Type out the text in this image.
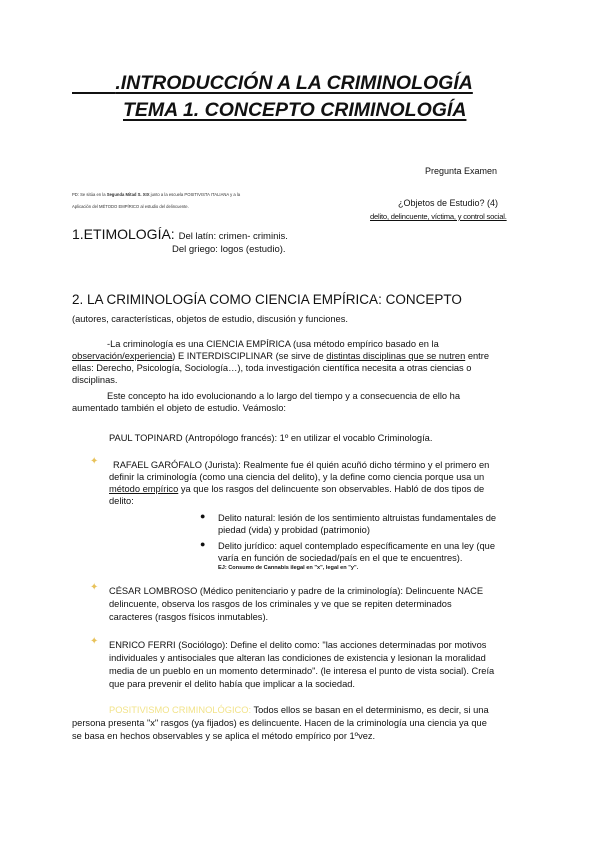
.INTRODUCCIÓN A LA CRIMINOLOGÍA
TEMA 1. CONCEPTO CRIMINOLOGÍA
Pregunta Examen
¿Objetos de Estudio? (4)
delito, delincuente, víctima, y control social.
PD: Se sitúa en la Segunda Mitad S. XIX junto a la escuela POSITIVISTA ITALIANA y a la
Aplicación del MÉTODO EMPÍRICO al estudio del delincuente.
1.ETIMOLOGÍA: Del latín: crimen- criminis.
Del griego: logos (estudio).
2. LA CRIMINOLOGÍA COMO CIENCIA EMPÍRICA: CONCEPTO
(autores, características, objetos de estudio, discusión y funciones.
-La criminología es una CIENCIA EMPÍRICA (usa método empírico basado en la
observación/experiencia) E INTERDISCIPLINAR (se sirve de distintas disciplinas que se nutren entre
ellas: Derecho, Psicología, Sociología…), toda investigación científica necesita a otras ciencias o
disciplinas.
Este concepto ha ido evolucionando a lo largo del tiempo y a consecuencia de ello ha
aumentado también el objeto de estudio. Veámoslo:
PAUL TOPINARD (Antropólogo francés): 1º en utilizar el vocablo Criminología.
✦ RAFAEL GARÓFALO (Jurista): Realmente fue él quién acuñó dicho término y el primero en
definir la criminología (como una ciencia del delito), y la define como ciencia porque usa un
método empírico ya que los rasgos del delincuente son observables. Habló de dos tipos de
delito:
● Delito natural: lesión de los sentimiento altruistas fundamentales de
piedad (vida) y probidad (patrimonio)
● Delito jurídico: aquel contemplado específicamente en una ley (que
varía en función de sociedad/país en el que te encuentres).
EJ: Consumo de Cannabis ilegal en "x", legal en "y".
✦ CÉSAR LOMBROSO (Médico penitenciario y padre de la criminología): Delincuente NACE
delincuente, observa los rasgos de los criminales y ve que se repiten determinados
caracteres (rasgos físicos inmutables).
✦ ENRICO FERRI (Sociólogo): Define el delito como: "las acciones determinadas por motivos
individuales y antisociales que alteran las condiciones de existencia y lesionan la moralidad
media de un pueblo en un momento determinado". (le interesa el punto de vista social). Creía
que para prevenir el delito había que implicar a la sociedad.
POSITIVISMO CRIMINOLÓGICO: Todos ellos se basan en el determinismo, es decir, si una
persona presenta "x" rasgos (ya fijados) es delincuente. Hacen de la criminología una ciencia ya que
se basa en hechos observables y se aplica el método empírico por 1ºvez.
